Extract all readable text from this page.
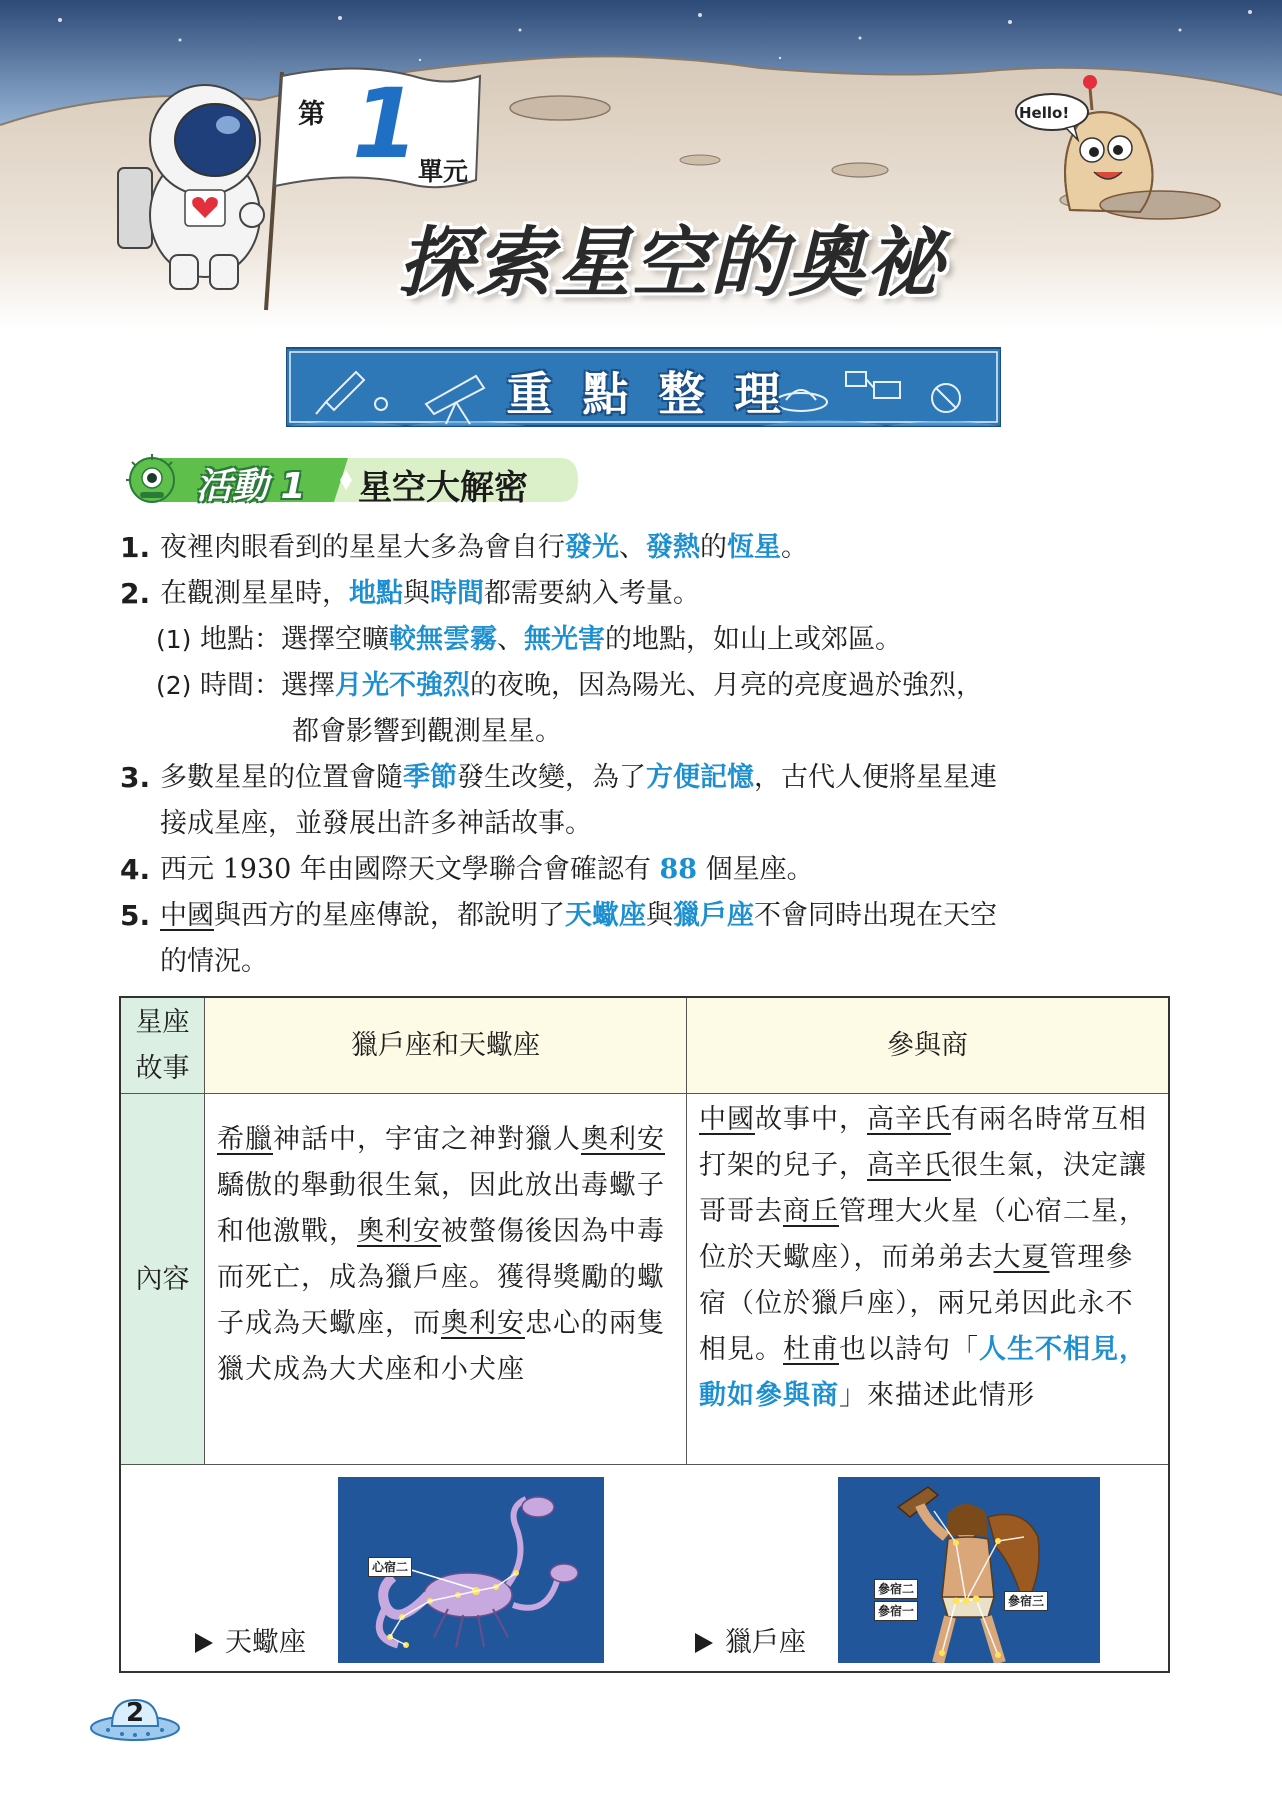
第 1 單元
Hello!
探索星空的奧祕
重點整理
活動 1 星空大解密
1. 夜裡肉眼看到的星星大多為會自行發光、發熱的恆星。
2. 在觀測星星時，地點與時間都需要納入考量。
(1) 地點：選擇空曠較無雲霧、無光害的地點，如山上或郊區。
(2) 時間：選擇月光不強烈的夜晚，因為陽光、月亮的亮度過於強烈，
都會影響到觀測星星。
3. 多數星星的位置會隨季節發生改變，為了方便記憶，古代人便將星星連
接成星座，並發展出許多神話故事。
4. 西元 1930 年由國際天文學聯合會確認有 88 個星座。
5. 中國與西方的星座傳說，都說明了天蠍座與獵戶座不會同時出現在天空
的情況。
星座
故事
獵戶座和天蠍座	參與商
內容
希臘神話中，宇宙之神對獵人奧利安驕傲的舉動很生氣，因此放出毒蠍子和他激戰，奧利安被螫傷後因為中毒而死亡，成為獵戶座。獲得獎勵的蠍子成為天蠍座，而奧利安忠心的兩隻獵犬成為大犬座和小犬座
中國故事中，高辛氏有兩名時常互相打架的兒子，高辛氏很生氣，決定讓哥哥去商丘管理大火星（心宿二星，位於天蠍座），而弟弟去大夏管理參宿（位於獵戶座），兩兄弟因此永不相見。杜甫也以詩句「人生不相見，動如參與商」來描述此情形
天蠍座
心宿二
獵戶座
參宿二
參宿一
參宿三
2
